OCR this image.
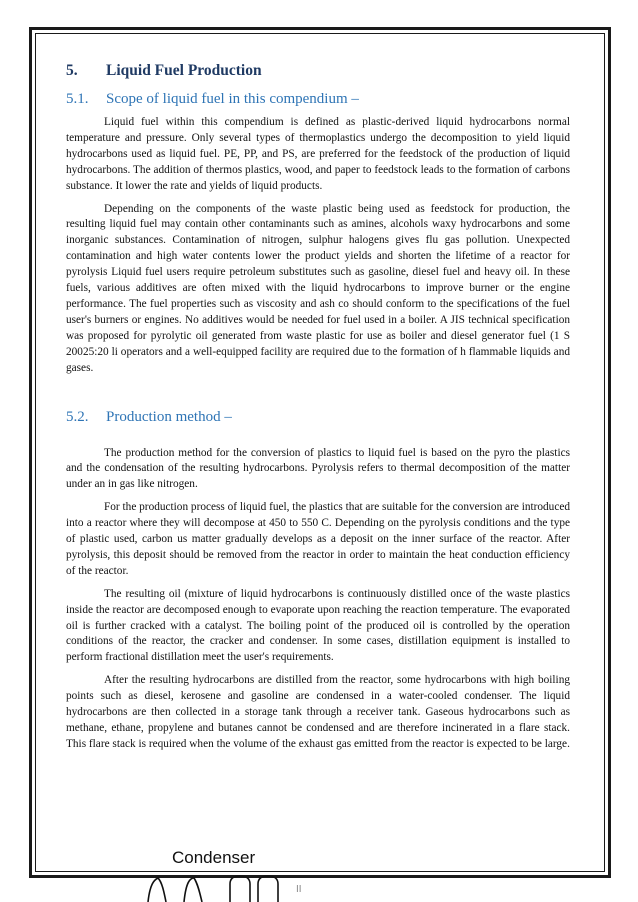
5.	Liquid Fuel Production
5.1.	Scope of liquid fuel in this compendium –

Liquid fuel within this compendium is defined as plastic-derived liquid hydrocarbons normal temperature and pressure. Only several types of thermoplastics undergo the decomposition to yield liquid hydrocarbons used as liquid fuel. PE, PP, and PS, are preferred for the feedstock of the production of liquid hydrocarbons. The addition of thermos plastics, wood, and paper to feedstock leads to the formation of carbons substance. It lower the rate and yields of liquid products.

Depending on the components of the waste plastic being used as feedstock for production, the resulting liquid fuel may contain other contaminants such as amines, alcohols waxy hydrocarbons and some inorganic substances. Contamination of nitrogen, sulphur halogens gives flu gas pollution. Unexpected contamination and high water contents lower the product yields and shorten the lifetime of a reactor for pyrolysis Liquid fuel users require petroleum substitutes such as gasoline, diesel fuel and heavy oil. In these fuels, various additives are often mixed with the liquid hydrocarbons to improve burner or the engine performance. The fuel properties such as viscosity and ash co should conform to the specifications of the fuel user's burners or engines. No additives would be needed for fuel used in a boiler. A JIS technical specification was proposed for pyrolytic oil generated from waste plastic for use as boiler and diesel generator fuel (1 S 20025:20 li operators and a well-equipped facility are required due to the formation of h flammable liquids and gases.

5.2.	Production method –

The production method for the conversion of plastics to liquid fuel is based on the pyro the plastics and the condensation of the resulting hydrocarbons. Pyrolysis refers to thermal decomposition of the matter under an in gas like nitrogen.

For the production process of liquid fuel, the plastics that are suitable for the conversion are introduced into a reactor where they will decompose at 450 to 550 C. Depending on the pyrolysis conditions and the type of plastic used, carbon us matter gradually develops as a deposit on the inner surface of the reactor. After pyrolysis, this deposit should be removed from the reactor in order to maintain the heat conduction efficiency of the reactor.

The resulting oil (mixture of liquid hydrocarbons is continuously distilled once of the waste plastics inside the reactor are decomposed enough to evaporate upon reaching the reaction temperature. The evaporated oil is further cracked with a catalyst. The boiling point of the produced oil is controlled by the operation conditions of the reactor, the cracker and condenser. In some cases, distillation equipment is installed to perform fractional distillation meet the user's requirements.

After the resulting hydrocarbons are distilled from the reactor, some hydrocarbons with high boiling points such as diesel, kerosene and gasoline are condensed in a water-cooled condenser. The liquid hydrocarbons are then collected in a storage tank through a receiver tank. Gaseous hydrocarbons such as methane, ethane, propylene and butanes cannot be condensed and are therefore incinerated in a flare stack. This flare stack is required when the volume of the exhaust gas emitted from the reactor is expected to be large.

Condenser
II
